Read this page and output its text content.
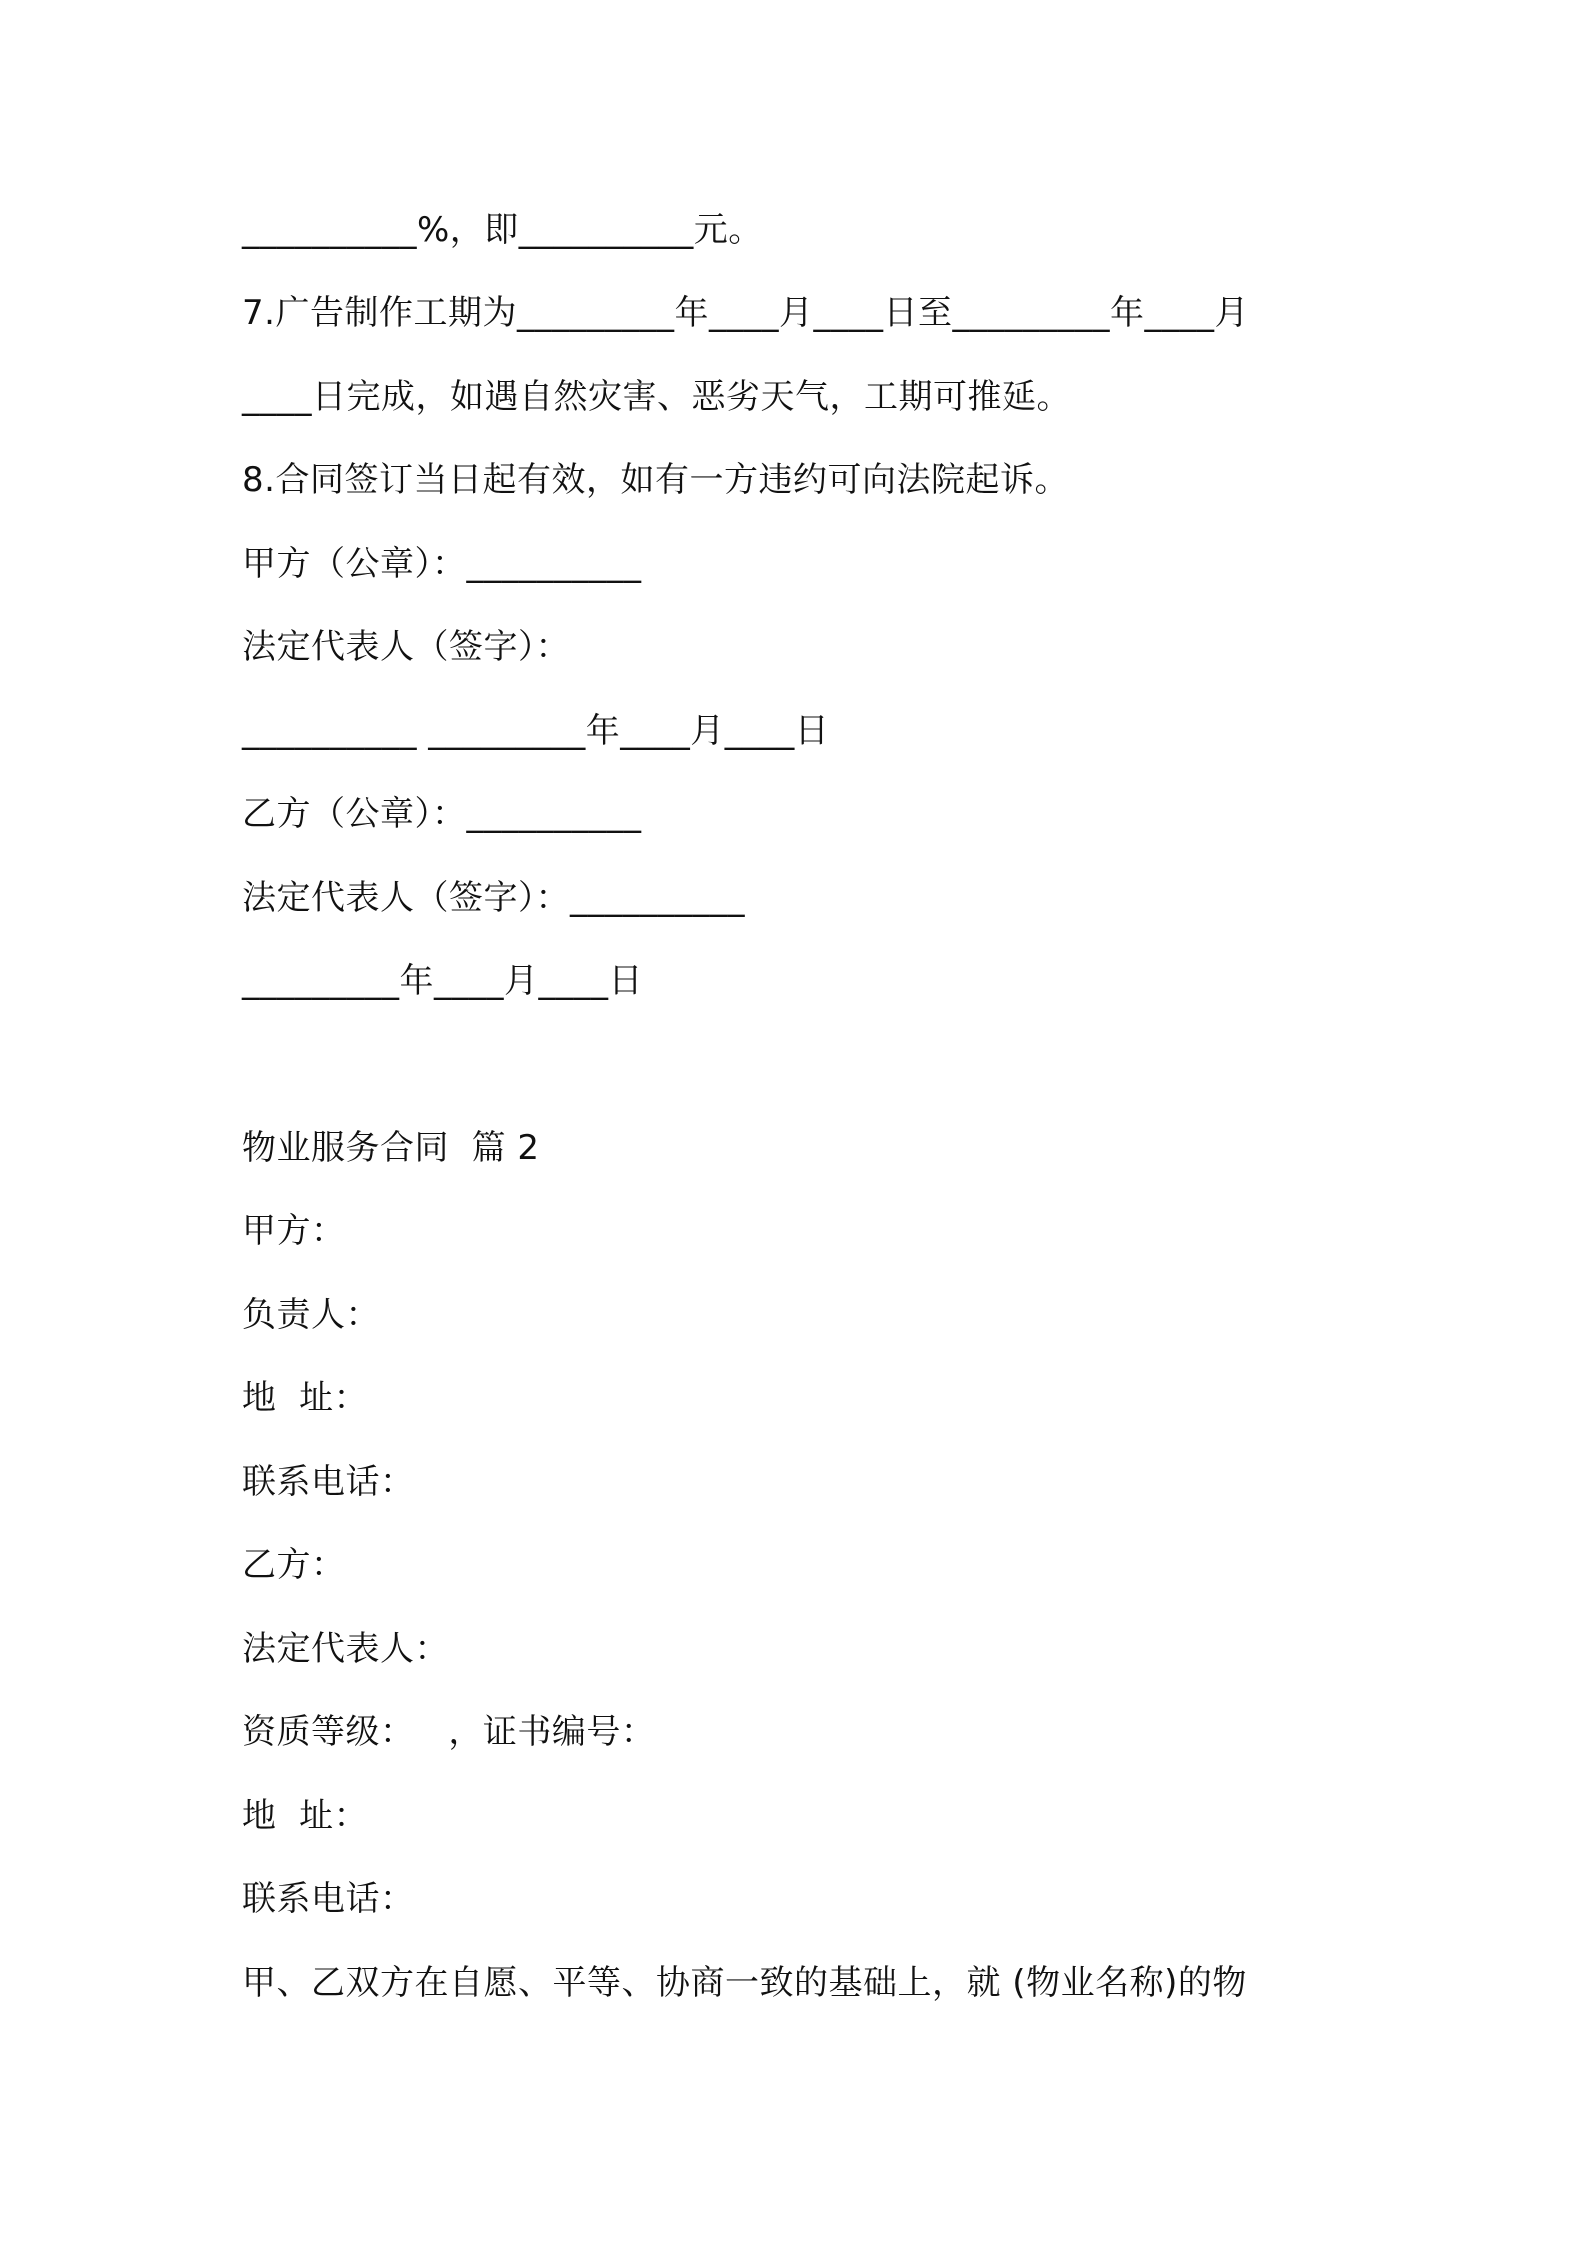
__________%，即__________元。
7.广告制作工期为_________年____月____日至_________年____月
____日完成，如遇自然灾害、恶劣天气，工期可推延。
8.合同签订当日起有效，如有一方违约可向法院起诉。
甲方（公章）：__________
法定代表人（签字）：
__________ _________年____月____日
乙方（公章）：__________
法定代表人（签字）：__________
_________年____月____日
物业服务合同  篇 2
甲方：
负责人：
地  址：
联系电话：
乙方：
法定代表人：
资质等级：   ，证书编号：
地  址：
联系电话：
甲、乙双方在自愿、平等、协商一致的基础上，就 (物业名称)的物
